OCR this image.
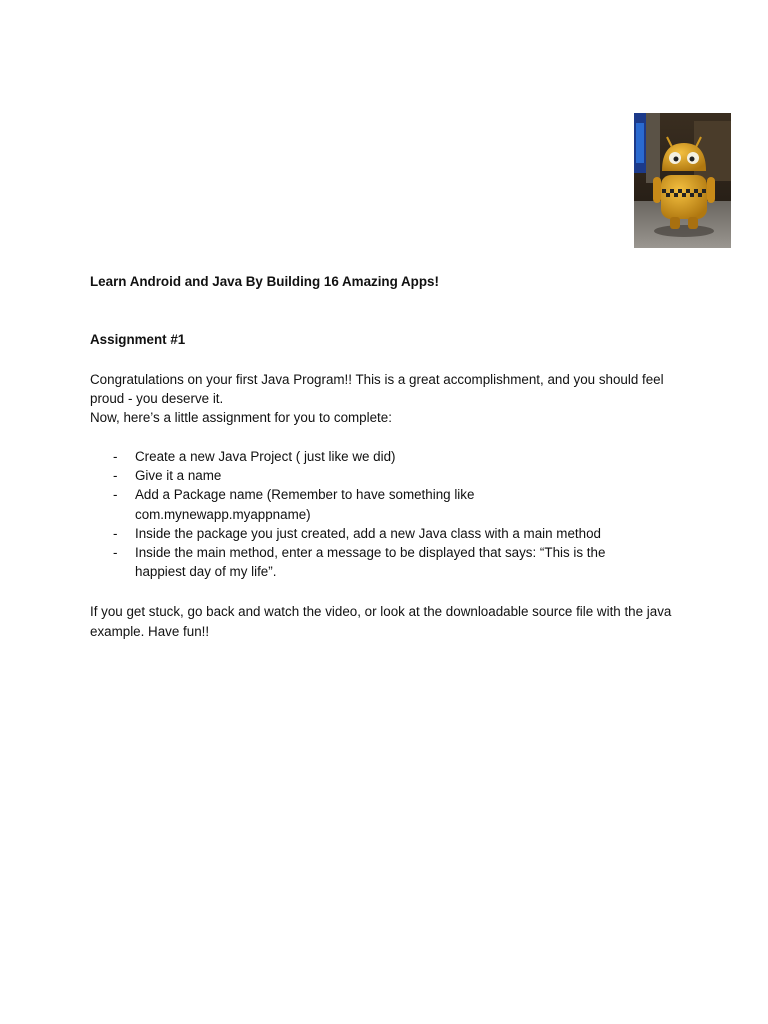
Learn Android and Java By Building 16 Amazing Apps!
Assignment #1

Congratulations on your first Java Program!! This is a great accomplishment, and you should feel proud - you deserve it.

Now, here’s a little assignment for you to complete:

- Create a new Java Project ( just like we did)
- Give it a name
- Add a Package name (Remember to have something like com.mynewapp.myappname)
- Inside the package you just created, add a new Java class with a main method
- Inside the main method, enter a message to be displayed that says: “This is the happiest day of my life”.

If you get stuck, go back and watch the video, or look at the downloadable source file with the java example. Have fun!!
